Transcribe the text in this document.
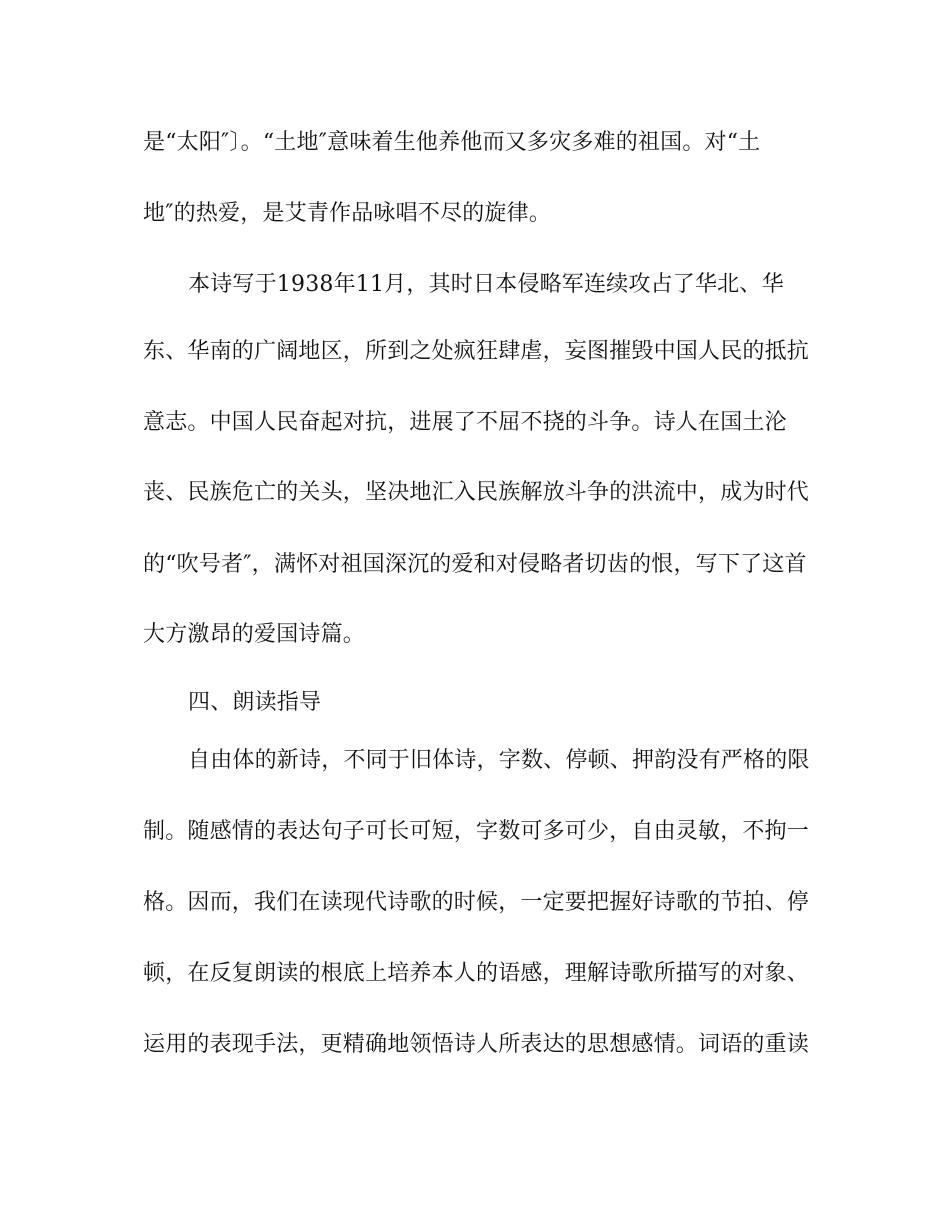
是“太阳″〕。“土地″意味着生他养他而又多灾多难的祖国。对“土
地″的热爱，是艾青作品咏唱不尽的旋律。
本诗写于1938年11月，其时日本侵略军连续攻占了华北、华
东、华南的广阔地区，所到之处疯狂肆虐，妄图摧毁中国人民的抵抗
意志。中国人民奋起对抗，进展了不屈不挠的斗争。诗人在国土沦
丧、民族危亡的关头，坚决地汇入民族解放斗争的洪流中，成为时代
的“吹号者″，满怀对祖国深沉的爱和对侵略者切齿的恨，写下了这首
大方激昂的爱国诗篇。
四、朗读指导
自由体的新诗，不同于旧体诗，字数、停顿、押韵没有严格的限
制。随感情的表达句子可长可短，字数可多可少，自由灵敏，不拘一
格。因而，我们在读现代诗歌的时候，一定要把握好诗歌的节拍、停
顿，在反复朗读的根底上培养本人的语感，理解诗歌所描写的对象、
运用的表现手法，更精确地领悟诗人所表达的思想感情。词语的重读
